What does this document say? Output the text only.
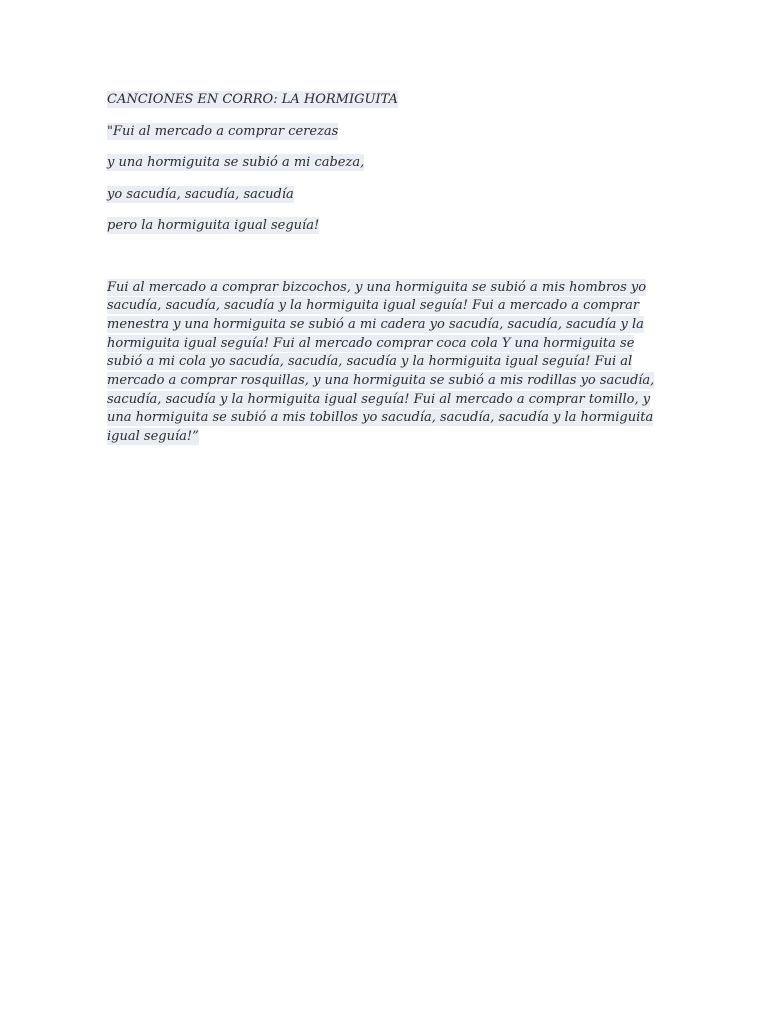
CANCIONES EN CORRO: LA HORMIGUITA
"Fui al mercado a comprar cerezas
y una hormiguita se subió a mi cabeza,
yo sacudía, sacudía, sacudía
pero la hormiguita igual seguía!

Fui al mercado a comprar bizcochos, y una hormiguita se subió a mis hombros yo sacudía, sacudía, sacudía y la hormiguita igual seguía! Fui a mercado a comprar menestra y una hormiguita se subió a mi cadera yo sacudía, sacudía, sacudía y la hormiguita igual seguía! Fui al mercado comprar coca cola Y una hormiguita se subió a mi cola yo sacudía, sacudía, sacudía y la hormiguita igual seguía! Fui al mercado a comprar rosquillas, y una hormiguita se subió a mis rodillas yo sacudía, sacudía, sacudía y la hormiguita igual seguía! Fui al mercado a comprar tomillo, y una hormiguita se subió a mis tobillos yo sacudía, sacudía, sacudía y la hormiguita igual seguía!”
